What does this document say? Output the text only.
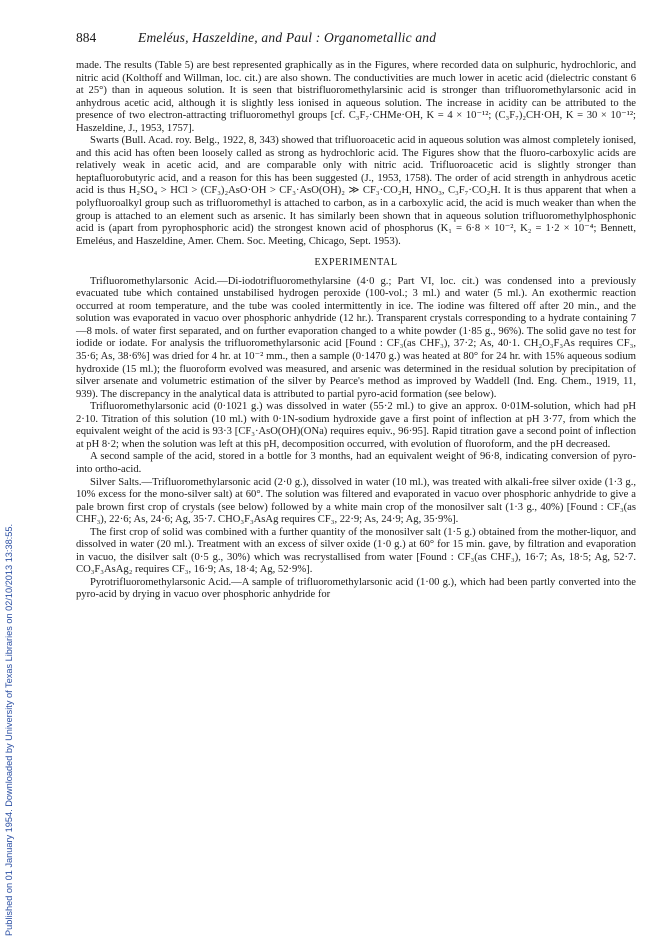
Published on 01 January 1954. Downloaded by University of Texas Libraries on 02/10/2013 13:38:55.
884	Emeléus, Haszeldine, and Paul : Organometallic and

made. The results (Table 5) are best represented graphically as in the Figures, where recorded data on sulphuric, hydrochloric, and nitric acid (Kolthoff and Willman, loc. cit.) are also shown. The conductivities are much lower in acetic acid (dielectric constant 6 at 25°) than in aqueous solution. It is seen that bistrifluoromethylarsinic acid is stronger than trifluoromethylarsonic acid in anhydrous acetic acid, although it is slightly less ionised in aqueous solution. The increase in acidity can be attributed to the presence of two electron-attracting trifluoromethyl groups [cf. C₃F₇·CHMe·OH, K = 4 × 10⁻¹²; (C₃F₇)₂CH·OH, K = 30 × 10⁻¹²; Haszeldine, J., 1953, 1757].

Swarts (Bull. Acad. roy. Belg., 1922, 8, 343) showed that trifluoroacetic acid in aqueous solution was almost completely ionised, and this acid has often been loosely called as strong as hydrochloric acid. The Figures show that the fluoro-carboxylic acids are relatively weak in acetic acid, and are comparable only with nitric acid. Trifluoroacetic acid is slightly stronger than heptafluorobutyric acid, and a reason for this has been suggested (J., 1953, 1758). The order of acid strength in anhydrous acetic acid is thus H₂SO₄ > HCl > (CF₃)₂AsO·OH > CF₃·AsO(OH)₂ ≫ CF₃·CO₂H, HNO₃, C₃F₇·CO₂H. It is thus apparent that when a polyfluoroalkyl group such as trifluoromethyl is attached to carbon, as in a carboxylic acid, the acid is much weaker than when the group is attached to an element such as arsenic. It has similarly been shown that in aqueous solution trifluoromethylphosphonic acid is (apart from pyrophosphoric acid) the strongest known acid of phosphorus (K₁ = 6·8 × 10⁻², K₂ = 1·2 × 10⁻⁴; Bennett, Emeléus, and Haszeldine, Amer. Chem. Soc. Meeting, Chicago, Sept. 1953).

EXPERIMENTAL

Trifluoromethylarsonic Acid.—Di-iodotrifluoromethylarsine (4·0 g.; Part VI, loc. cit.) was condensed into a previously evacuated tube which contained unstabilised hydrogen peroxide (100-vol.; 3 ml.) and water (5 ml.). An exothermic reaction occurred at room temperature, and the tube was cooled intermittently in ice. The iodine was filtered off after 20 min., and the solution was evaporated in vacuo over phosphoric anhydride (12 hr.). Transparent crystals corresponding to a hydrate containing 7—8 mols. of water first separated, and on further evaporation changed to a white powder (1·85 g., 96%). The solid gave no test for iodide or iodate. For analysis the trifluoromethylarsonic acid [Found : CF₃(as CHF₃), 37·2; As, 40·1. CH₂O₃F₃As requires CF₃, 35·6; As, 38·6%] was dried for 4 hr. at 10⁻² mm., then a sample (0·1470 g.) was heated at 80° for 24 hr. with 15% aqueous sodium hydroxide (15 ml.); the fluoroform evolved was measured, and arsenic was determined in the residual solution by precipitation of silver arsenate and volumetric estimation of the silver by Pearce's method as improved by Waddell (Ind. Eng. Chem., 1919, 11, 939). The discrepancy in the analytical data is attributed to partial pyro-acid formation (see below).

Trifluoromethylarsonic acid (0·1021 g.) was dissolved in water (55·2 ml.) to give an approx. 0·01M-solution, which had pH 2·10. Titration of this solution (10 ml.) with 0·1N-sodium hydroxide gave a first point of inflection at pH 3·77, from which the equivalent weight of the acid is 93·3 [CF₃·AsO(OH)(ONa) requires equiv., 96·95]. Rapid titration gave a second point of inflection at pH 8·2; when the solution was left at this pH, decomposition occurred, with evolution of fluoroform, and the pH decreased.

A second sample of the acid, stored in a bottle for 3 months, had an equivalent weight of 96·8, indicating conversion of pyro- into ortho-acid.

Silver Salts.—Trifluoromethylarsonic acid (2·0 g.), dissolved in water (10 ml.), was treated with alkali-free silver oxide (1·3 g., 10% excess for the mono-silver salt) at 60°. The solution was filtered and evaporated in vacuo over phosphoric anhydride to give a pale brown first crop of crystals (see below) followed by a white main crop of the monosilver salt (1·3 g., 40%) [Found : CF₃(as CHF₃), 22·6; As, 24·6; Ag, 35·7. CHO₃F₃AsAg requires CF₃, 22·9; As, 24·9; Ag, 35·9%].

The first crop of solid was combined with a further quantity of the monosilver salt (1·5 g.) obtained from the mother-liquor, and dissolved in water (20 ml.). Treatment with an excess of silver oxide (1·0 g.) at 60° for 15 min. gave, by filtration and evaporation in vacuo, the disilver salt (0·5 g., 30%) which was recrystallised from water [Found : CF₃(as CHF₃), 16·7; As, 18·5; Ag, 52·7. CO₃F₃AsAg₂ requires CF₃, 16·9; As, 18·4; Ag, 52·9%].

Pyrotrifluoromethylarsonic Acid.—A sample of trifluoromethylarsonic acid (1·00 g.), which had been partly converted into the pyro-acid by drying in vacuo over phosphoric anhydride for
